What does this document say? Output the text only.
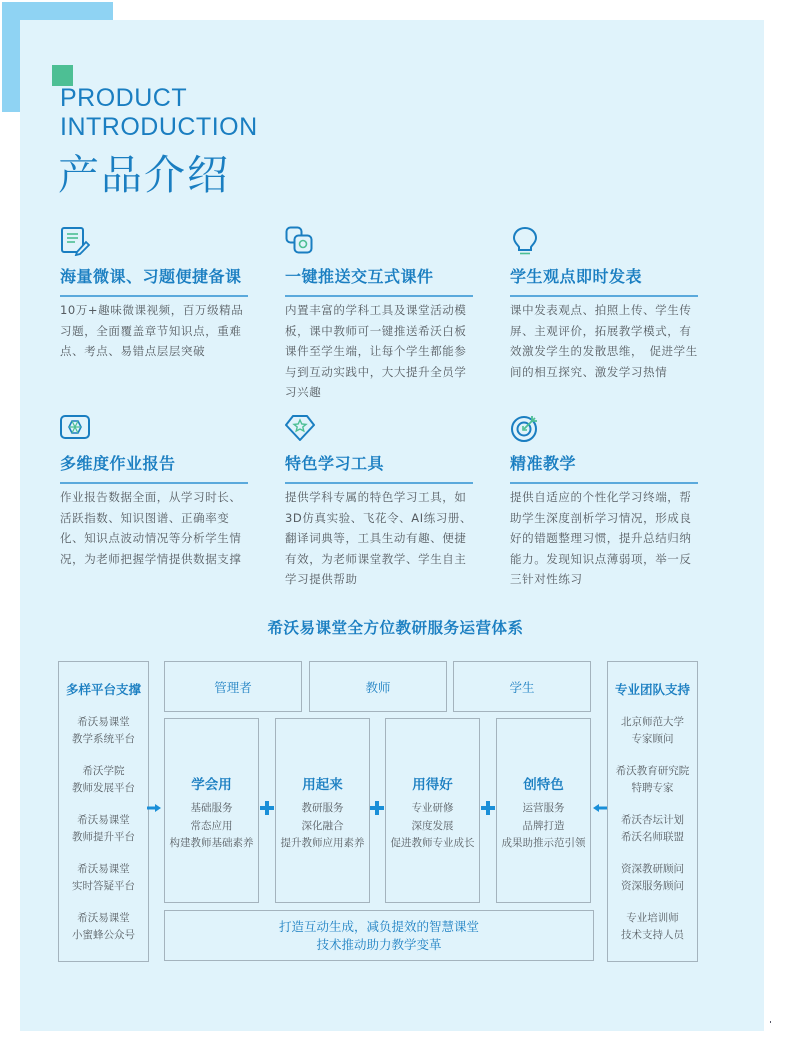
PRODUCT
INTRODUCTION
产品介绍
海量微课、习题便捷备课
10万+趣味微课视频，百万级精品习题，全面覆盖章节知识点，重难点、考点、易错点层层突破
一键推送交互式课件
内置丰富的学科工具及课堂活动模板，课中教师可一键推送希沃白板课件至学生端，让每个学生都能参与到互动实践中，大大提升全员学习兴趣
学生观点即时发表
课中发表观点、拍照上传、学生传屏、主观评价，拓展教学模式，有效激发学生的发散思维，　促进学生间的相互探究、激发学习热情
多维度作业报告
作业报告数据全面，从学习时长、活跃指数、知识图谱、正确率变化、知识点波动情况等分析学生情况，为老师把握学情提供数据支撑
特色学习工具
提供学科专属的特色学习工具，如3D仿真实验、飞花令、AI练习册、翻译词典等，工具生动有趣、便捷有效，为老师课堂教学、学生自主学习提供帮助
精准教学
提供自适应的个性化学习终端，帮助学生深度剖析学习情况，形成良好的错题整理习惯，提升总结归纳能力。发现知识点薄弱项，举一反三针对性练习
希沃易课堂全方位教研服务运营体系
多样平台支撑
希沃易课堂
教学系统平台
希沃学院
教师发展平台
希沃易课堂
教师提升平台
希沃易课堂
实时答疑平台
希沃易课堂
小蜜蜂公众号
管理者	教师	学生
学会用
基础服务
常态应用
构建教师基础素养
用起来
教研服务
深化融合
提升教师应用素养
用得好
专业研修
深度发展
促进教师专业成长
创特色
运营服务
品牌打造
成果助推示范引领
打造互动生成，减负提效的智慧课堂
技术推动助力教学变革
专业团队支持
北京师范大学
专家顾问
希沃教育研究院
特聘专家
希沃杏坛计划
希沃名师联盟
资深教研顾问
资深服务顾问
专业培训师
技术支持人员
